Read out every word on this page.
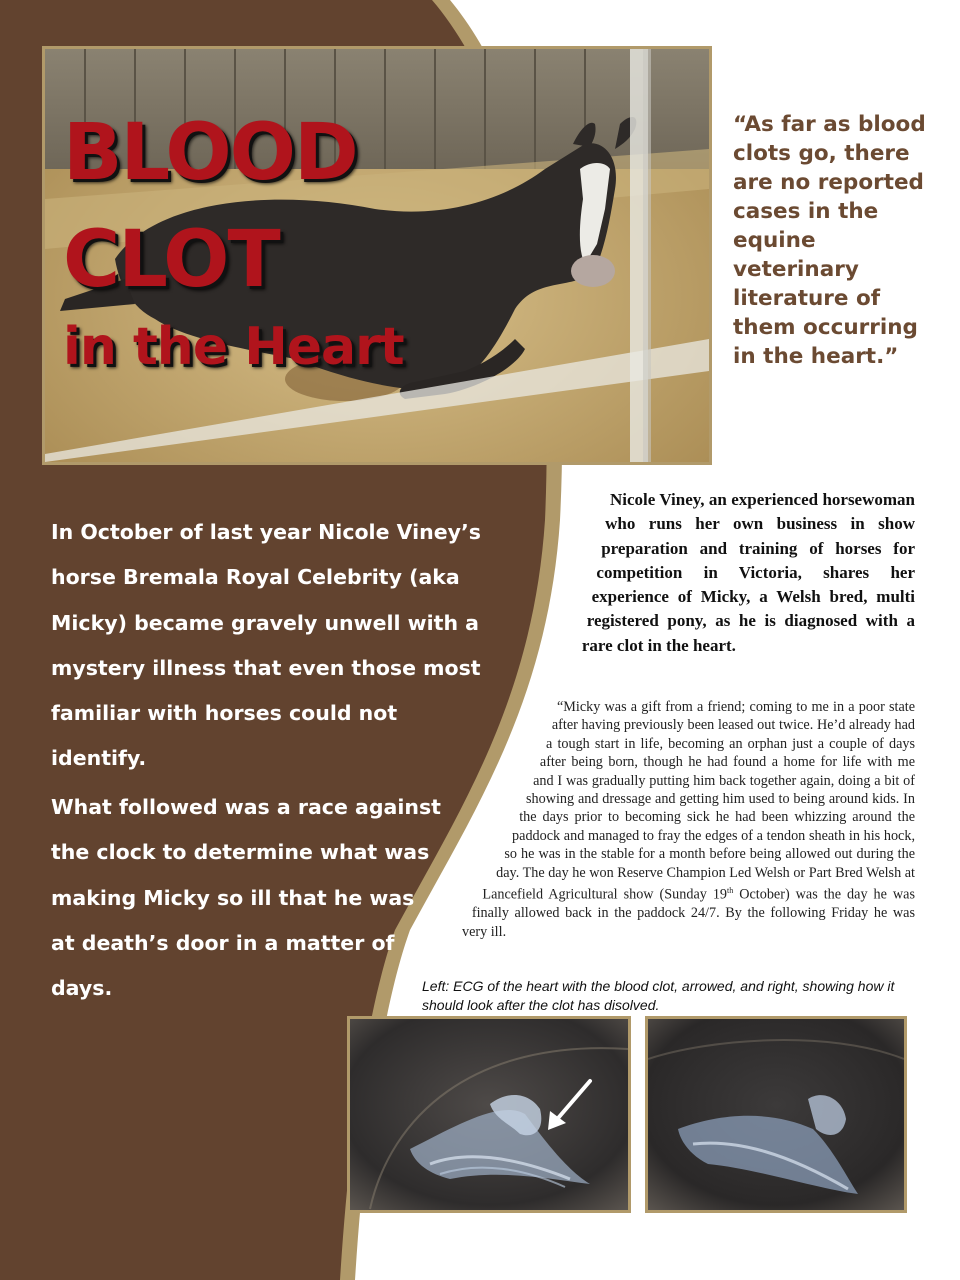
BLOOD
CLOT
in the Heart

“As far as blood clots go, there are no reported cases in the equine veterinary literature of them occurring in the heart.”

In October of last year Nicole Viney’s horse Bremala Royal Celebrity (aka Micky) became gravely unwell with a mystery illness that even those most familiar with horses could not identify.

What followed was a race against the clock to determine what was making Micky so ill that he was at death’s door in a matter of days.

Nicole Viney, an experienced horsewoman who runs her own business in show preparation and training of horses for competition in Victoria, shares her experience of Micky, a Welsh bred, multi registered pony, as he is diagnosed with a rare clot in the heart.
“Micky was a gift from a friend; coming to me in a poor state after having previously been leased out twice. He’d already had a tough start in life, becoming an orphan just a couple of days after being born, though he had found a home for life with me and I was gradually putting him back together again, doing a bit of showing and dressage and getting him used to being around kids. In the days prior to becoming sick he had been whizzing around the paddock and managed to fray the edges of a tendon sheath in his hock, so he was in the stable for a month before being allowed out during the day. The day he won Reserve Champion Led Welsh or Part Bred Welsh at Lancefield Agricultural show (Sunday 19th October) was the day he was finally allowed back in the paddock 24/7. By the following Friday he was very ill.

Left: ECG of the heart with the blood clot, arrowed, and right, showing how it should look after the clot has disolved.
